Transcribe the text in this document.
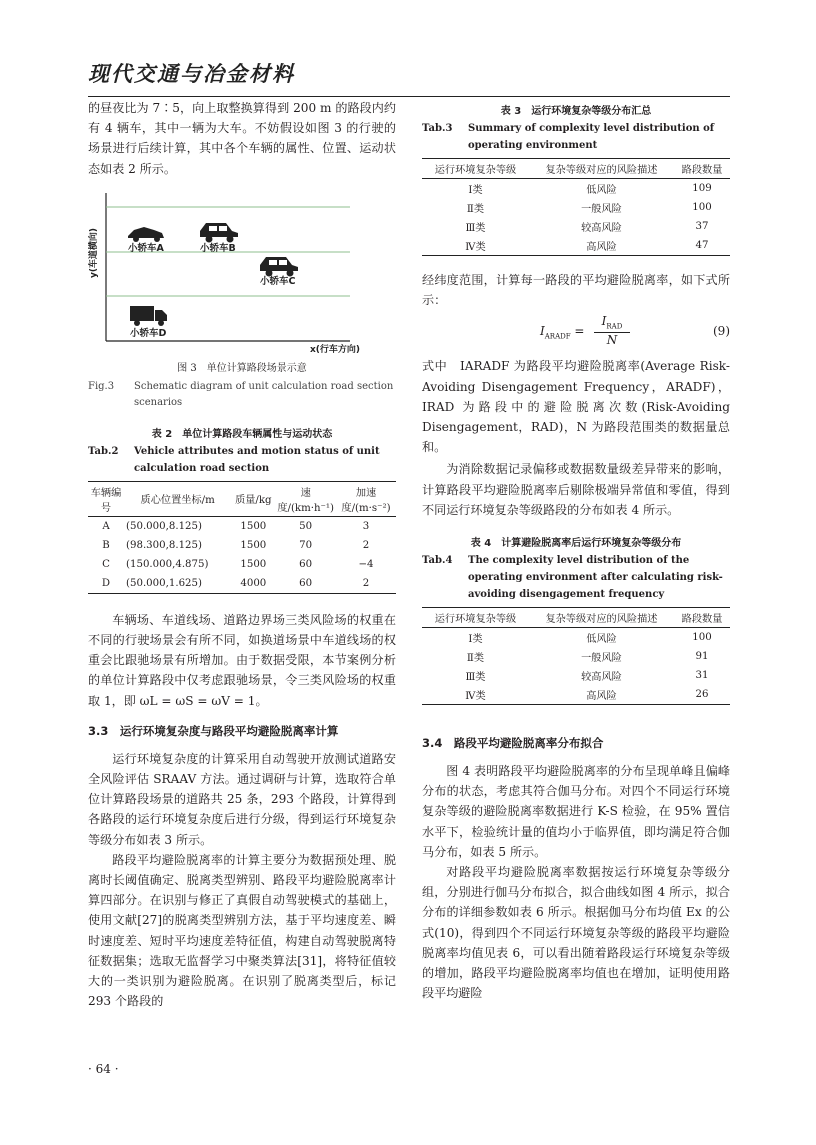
现代交通与冶金材料

的昼夜比为 7∶5，向上取整换算得到 200 m 的路段内约有 4 辆车，其中一辆为大车。不妨假设如图 3 的行驶的场景进行后续计算，其中各个车辆的属性、位置、运动状态如表 2 所示。

小轿车A	小轿车B
小轿车C
小轿车D
y(车道横向)
x(行车方向)
图 3　单位计算路段场景示意
Fig.3	Schematic diagram of unit calculation road section scenarios
表 2　单位计算路段车辆属性与运动状态
Tab.2	Vehicle attributes and motion status of unit calculation road section
车辆编号	质心位置坐标/m	质量/kg	速度/(km·h⁻¹)	加速度/(m·s⁻²)
A	(50.000,8.125)	1500	50	3
B	(98.300,8.125)	1500	70	2
C	(150.000,4.875)	1500	60	−4
D	(50.000,1.625)	4000	60	2

车辆场、车道线场、道路边界场三类风险场的权重在不同的行驶场景会有所不同，如换道场景中车道线场的权重会比跟驰场景有所增加。由于数据受限，本节案例分析的单位计算路段中仅考虑跟驰场景，令三类风险场的权重取 1，即 ωL = ωS = ωV = 1。

3.3　运行环境复杂度与路段平均避险脱离率计算

运行环境复杂度的计算采用自动驾驶开放测试道路安全风险评估 SRAAV 方法。通过调研与计算，选取符合单位计算路段场景的道路共 25 条，293 个路段，计算得到各路段的运行环境复杂度后进行分级，得到运行环境复杂等级分布如表 3 所示。

路段平均避险脱离率的计算主要分为数据预处理、脱离时长阈值确定、脱离类型辨别、路段平均避险脱离率计算四部分。在识别与修正了真假自动驾驶模式的基础上，使用文献[27]的脱离类型辨别方法，基于平均速度差、瞬时速度差、短时平均速度差特征值，构建自动驾驶脱离特征数据集；选取无监督学习中聚类算法[31]，将特征值较大的一类识别为避险脱离。在识别了脱离类型后，标记 293 个路段的

表 3　运行环境复杂等级分布汇总
Tab.3	Summary of complexity level distribution of operating environment
运行环境复杂等级	复杂等级对应的风险描述	路段数量
Ⅰ类	低风险	109
Ⅱ类	一般风险	100
Ⅲ类	较高风险	37
Ⅳ类	高风险	47

经纬度范围，计算每一路段的平均避险脱离率，如下式所示：

$I_{ARADF}$ =
$I_{RAD}$
N
(9)

式中　IARADF 为路段平均避险脱离率(Average Risk-Avoiding Disengagement Frequency，ARADF)，IRAD 为路段中的避险脱离次数(Risk-Avoiding Disengagement，RAD)，N 为路段范围类的数据量总和。

为消除数据记录偏移或数据数量级差异带来的影响，计算路段平均避险脱离率后剔除极端异常值和零值，得到不同运行环境复杂等级路段的分布如表 4 所示。

表 4　计算避险脱离率后运行环境复杂等级分布
Tab.4	The complexity level distribution of the operating environment after calculating risk-avoiding disengagement frequency
运行环境复杂等级	复杂等级对应的风险描述	路段数量
Ⅰ类	低风险	100
Ⅱ类	一般风险	91
Ⅲ类	较高风险	31
Ⅳ类	高风险	26
3.4　路段平均避险脱离率分布拟合

图 4 表明路段平均避险脱离率的分布呈现单峰且偏峰分布的状态，考虑其符合伽马分布。对四个不同运行环境复杂等级的避险脱离率数据进行 K-S 检验，在 95% 置信水平下，检验统计量的值均小于临界值，即均满足符合伽马分布，如表 5 所示。

对路段平均避险脱离率数据按运行环境复杂等级分组，分别进行伽马分布拟合，拟合曲线如图 4 所示，拟合分布的详细参数如表 6 所示。根据伽马分布均值 Ex 的公式(10)，得到四个不同运行环境复杂等级的路段平均避险脱离率均值见表 6，可以看出随着路段运行环境复杂等级的增加，路段平均避险脱离率均值也在增加，证明使用路段平均避险

· 64 ·
